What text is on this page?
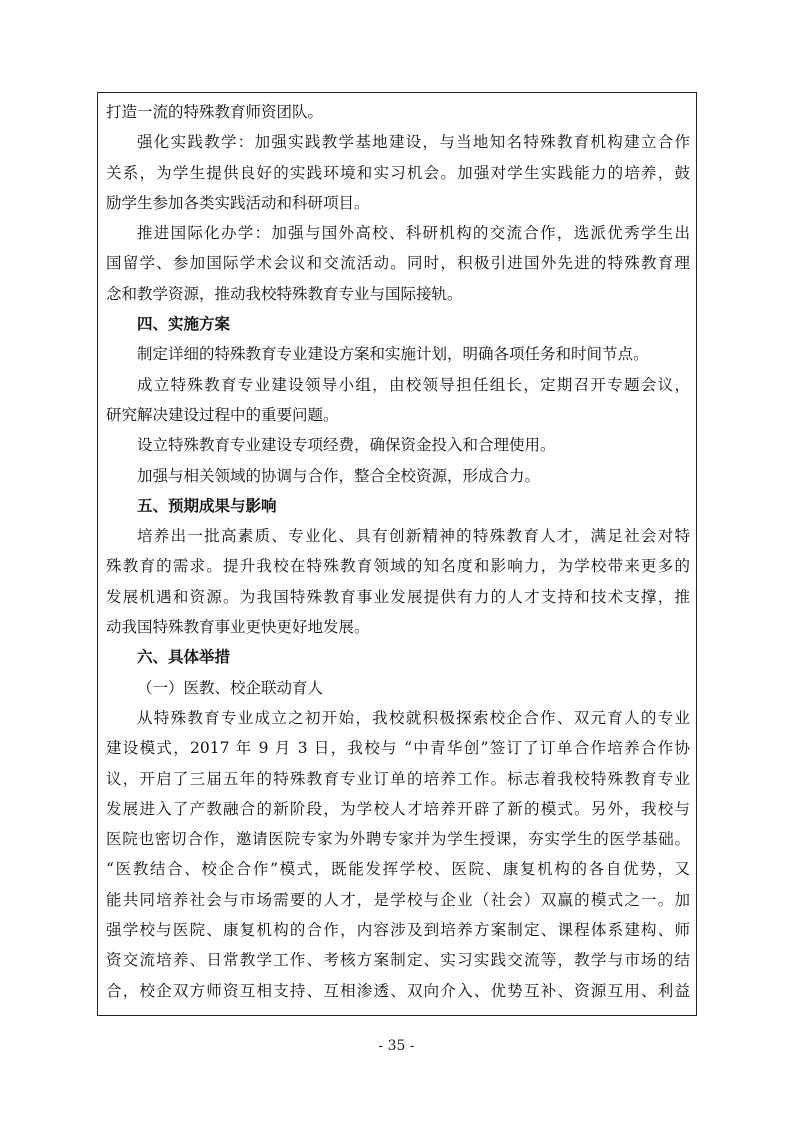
打造一流的特殊教育师资团队。

强化实践教学：加强实践教学基地建设，与当地知名特殊教育机构建立合作

关系，为学生提供良好的实践环境和实习机会。加强对学生实践能力的培养，鼓

励学生参加各类实践活动和科研项目。

推进国际化办学：加强与国外高校、科研机构的交流合作，选派优秀学生出

国留学、参加国际学术会议和交流活动。同时，积极引进国外先进的特殊教育理

念和教学资源，推动我校特殊教育专业与国际接轨。

四、实施方案

制定详细的特殊教育专业建设方案和实施计划，明确各项任务和时间节点。

成立特殊教育专业建设领导小组，由校领导担任组长，定期召开专题会议，

研究解决建设过程中的重要问题。

设立特殊教育专业建设专项经费，确保资金投入和合理使用。

加强与相关领域的协调与合作，整合全校资源，形成合力。

五、预期成果与影响

培养出一批高素质、专业化、具有创新精神的特殊教育人才，满足社会对特

殊教育的需求。提升我校在特殊教育领域的知名度和影响力，为学校带来更多的

发展机遇和资源。为我国特殊教育事业发展提供有力的人才支持和技术支撑，推

动我国特殊教育事业更快更好地发展。

六、具体举措

（一）医教、校企联动育人

从特殊教育专业成立之初开始，我校就积极探索校企合作、双元育人的专业

建设模式，2017 年 9 月 3 日，我校与 “中青华创”签订了订单合作培养合作协

议，开启了三届五年的特殊教育专业订单的培养工作。标志着我校特殊教育专业

发展进入了产教融合的新阶段，为学校人才培养开辟了新的模式。另外，我校与

医院也密切合作，邀请医院专家为外聘专家并为学生授课，夯实学生的医学基础。

“医教结合、校企合作”模式，既能发挥学校、医院、康复机构的各自优势，又

能共同培养社会与市场需要的人才，是学校与企业（社会）双赢的模式之一。加

强学校与医院、康复机构的合作，内容涉及到培养方案制定、课程体系建构、师

资交流培养、日常教学工作、考核方案制定、实习实践交流等，教学与市场的结

合，校企双方师资互相支持、互相渗透、双向介入、优势互补、资源互用、利益

- 35 -
